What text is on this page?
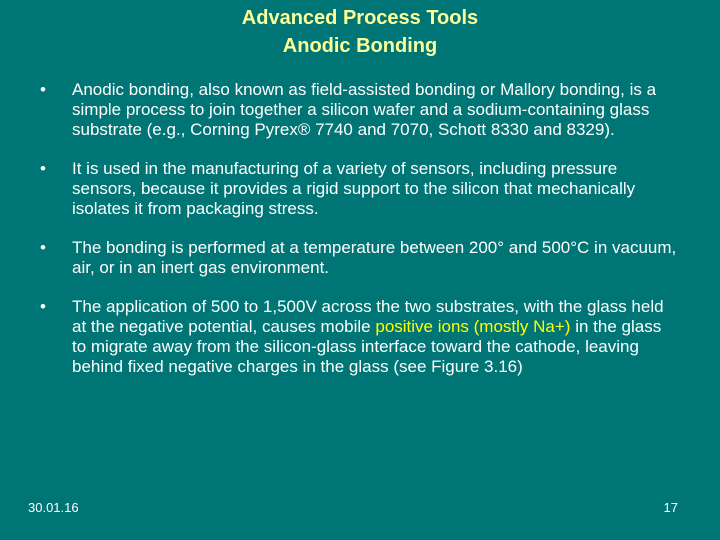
Advanced Process Tools
Anodic Bonding
• Anodic bonding, also known as field-assisted bonding or Mallory bonding, is a simple process to join together a silicon wafer and a sodium-containing glass substrate (e.g., Corning Pyrex® 7740 and 7070, Schott 8330 and 8329).
• It is used in the manufacturing of a variety of sensors, including pressure sensors, because it provides a rigid support to the silicon that mechanically isolates it from packaging stress.
• The bonding is performed at a temperature between 200° and 500°C in vacuum, air, or in an inert gas environment.
• The application of 500 to 1,500V across the two substrates, with the glass held at the negative potential, causes mobile positive ions (mostly Na+) in the glass to migrate away from the silicon-glass interface toward the cathode, leaving behind fixed negative charges in the glass (see Figure 3.16)
30.01.16	17
